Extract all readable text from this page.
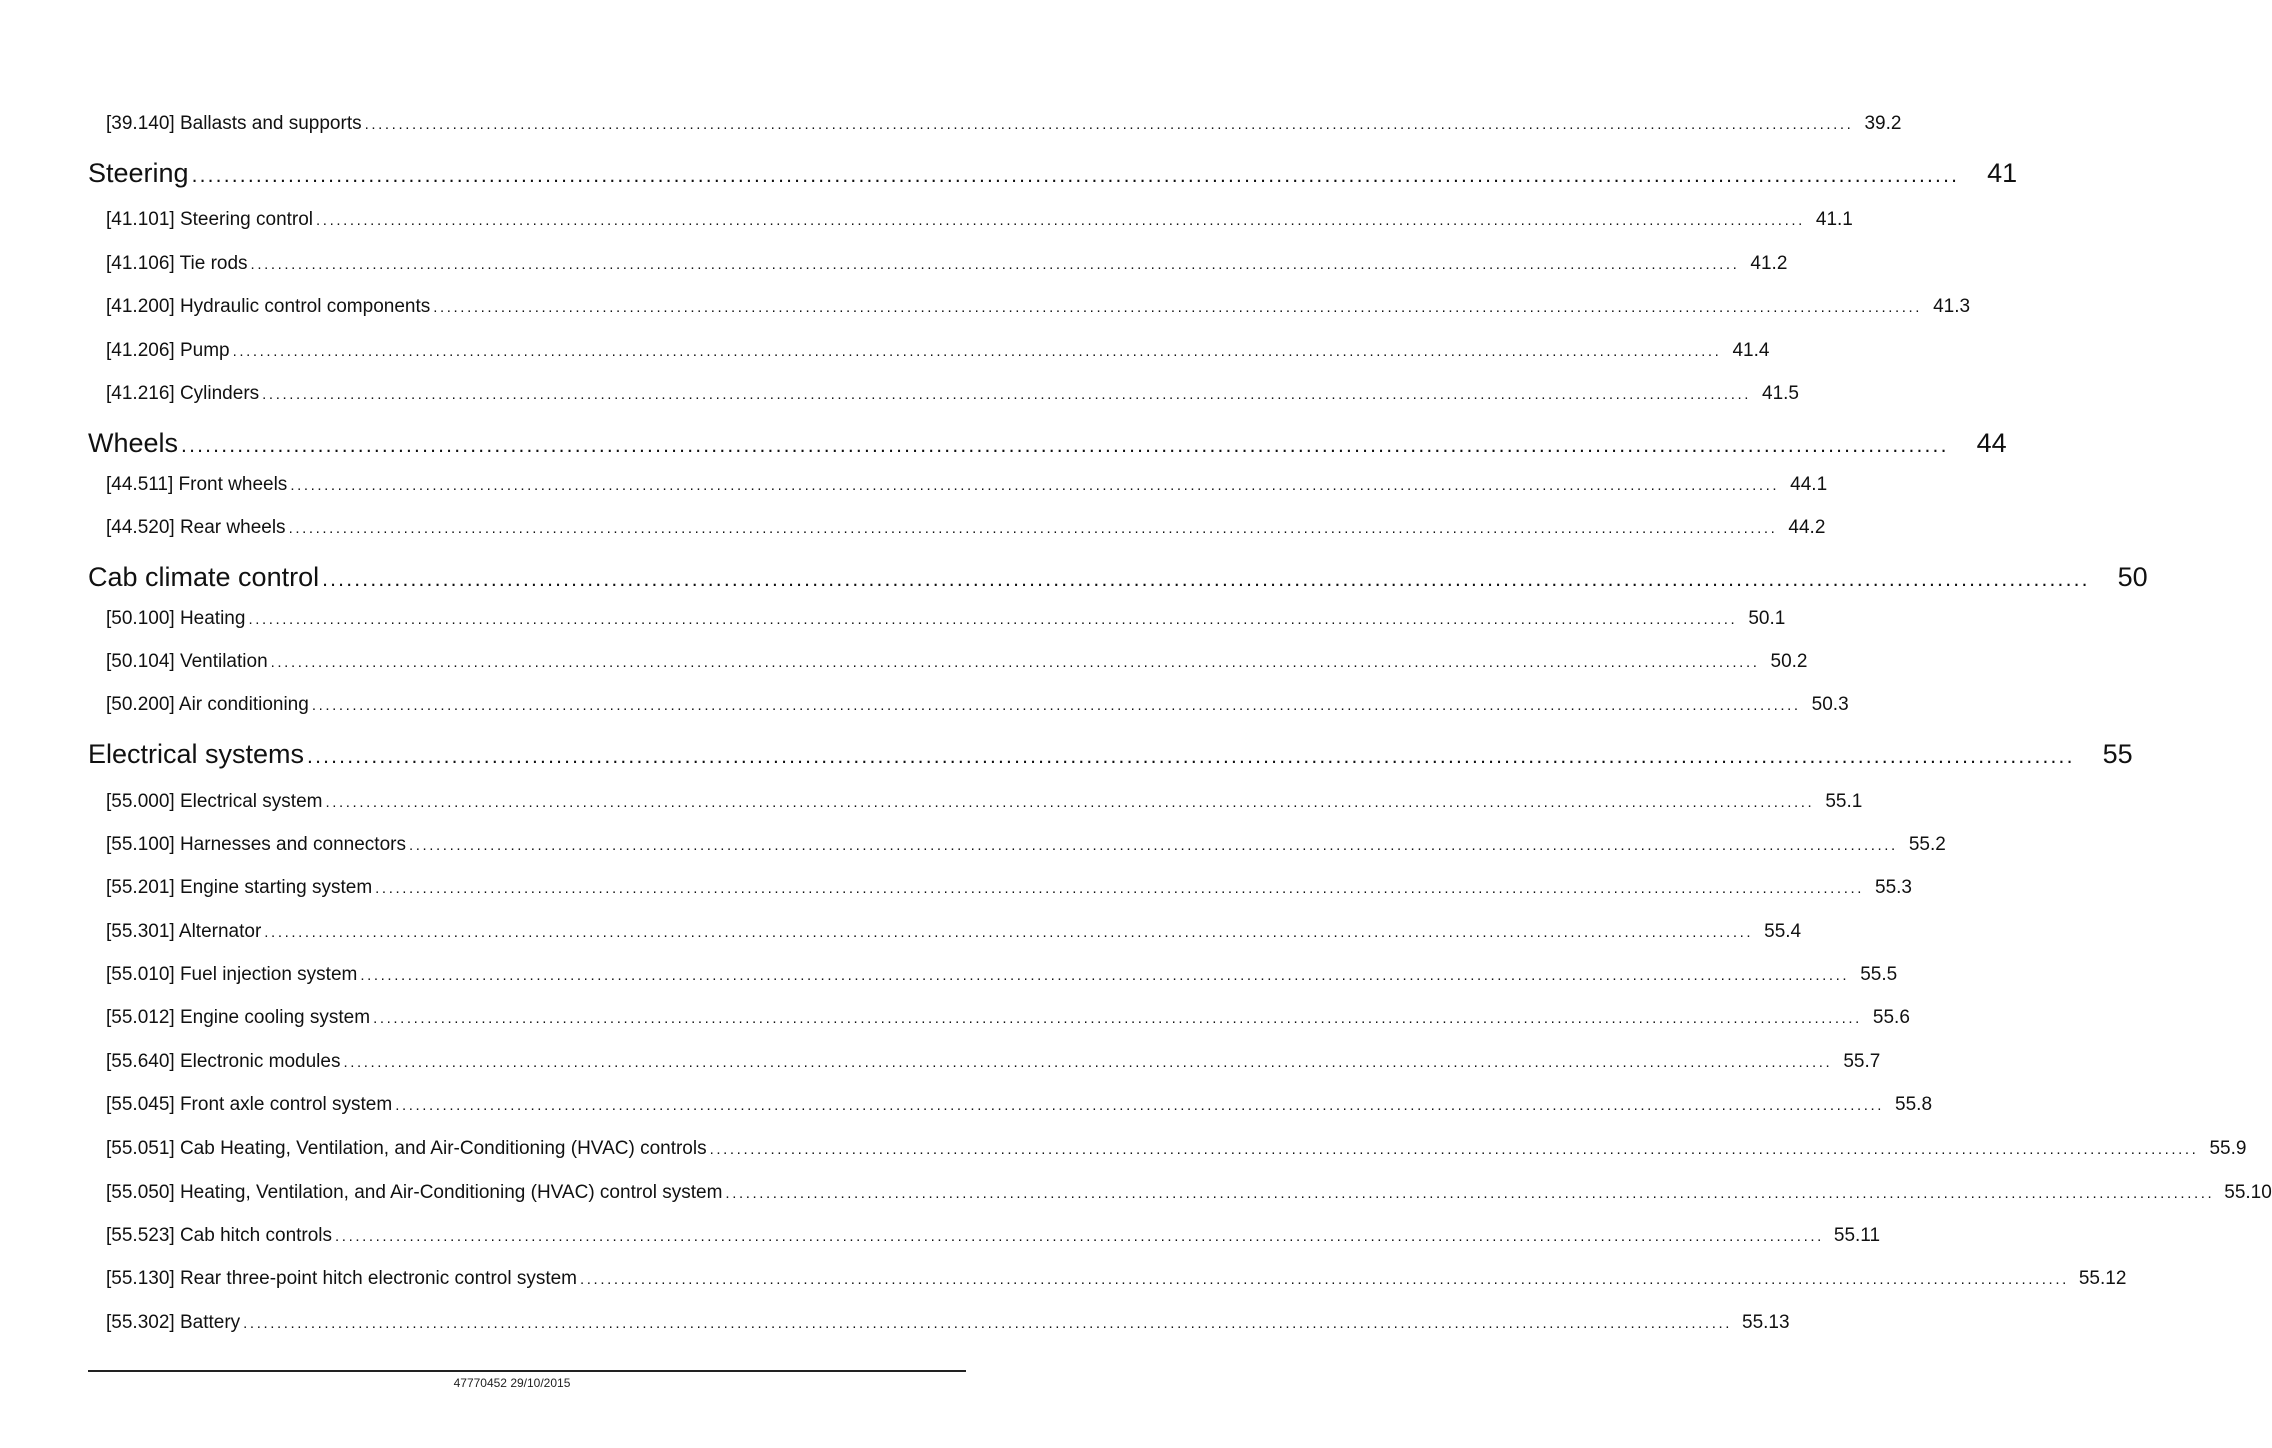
[39.140] Ballasts and supports ............................................................................................................................................................................................................................ 39.2
Steering ............................................................................................................................................................................................................................	41
[41.101] Steering control ............................................................................................................................................................................................................................ 41.1
[41.106] Tie rods ............................................................................................................................................................................................................................ 41.2
[41.200] Hydraulic control components ............................................................................................................................................................................................................................ 41.3
[41.206] Pump ............................................................................................................................................................................................................................ 41.4
[41.216] Cylinders ............................................................................................................................................................................................................................ 41.5
Wheels ............................................................................................................................................................................................................................	44
[44.511] Front wheels ............................................................................................................................................................................................................................ 44.1
[44.520] Rear wheels ............................................................................................................................................................................................................................ 44.2
Cab climate control ............................................................................................................................................................................................................................	50
[50.100] Heating ............................................................................................................................................................................................................................ 50.1
[50.104] Ventilation ............................................................................................................................................................................................................................ 50.2
[50.200] Air conditioning ............................................................................................................................................................................................................................ 50.3
Electrical systems ............................................................................................................................................................................................................................	55
[55.000] Electrical system ............................................................................................................................................................................................................................ 55.1
[55.100] Harnesses and connectors ............................................................................................................................................................................................................................ 55.2
[55.201] Engine starting system ............................................................................................................................................................................................................................ 55.3
[55.301] Alternator ............................................................................................................................................................................................................................ 55.4
[55.010] Fuel injection system ............................................................................................................................................................................................................................ 55.5
[55.012] Engine cooling system ............................................................................................................................................................................................................................ 55.6
[55.640] Electronic modules ............................................................................................................................................................................................................................ 55.7
[55.045] Front axle control system ............................................................................................................................................................................................................................ 55.8
[55.051] Cab Heating, Ventilation, and Air-Conditioning (HVAC) controls ............................................................................................................................................................................................................................ 55.9
[55.050] Heating, Ventilation, and Air-Conditioning (HVAC) control system ............................................................................................................................................................................................................................ 55.10
[55.523] Cab hitch controls ............................................................................................................................................................................................................................ 55.11
[55.130] Rear three-point hitch electronic control system ............................................................................................................................................................................................................................ 55.12
[55.302] Battery ............................................................................................................................................................................................................................ 55.13
47770452 29/10/2015
